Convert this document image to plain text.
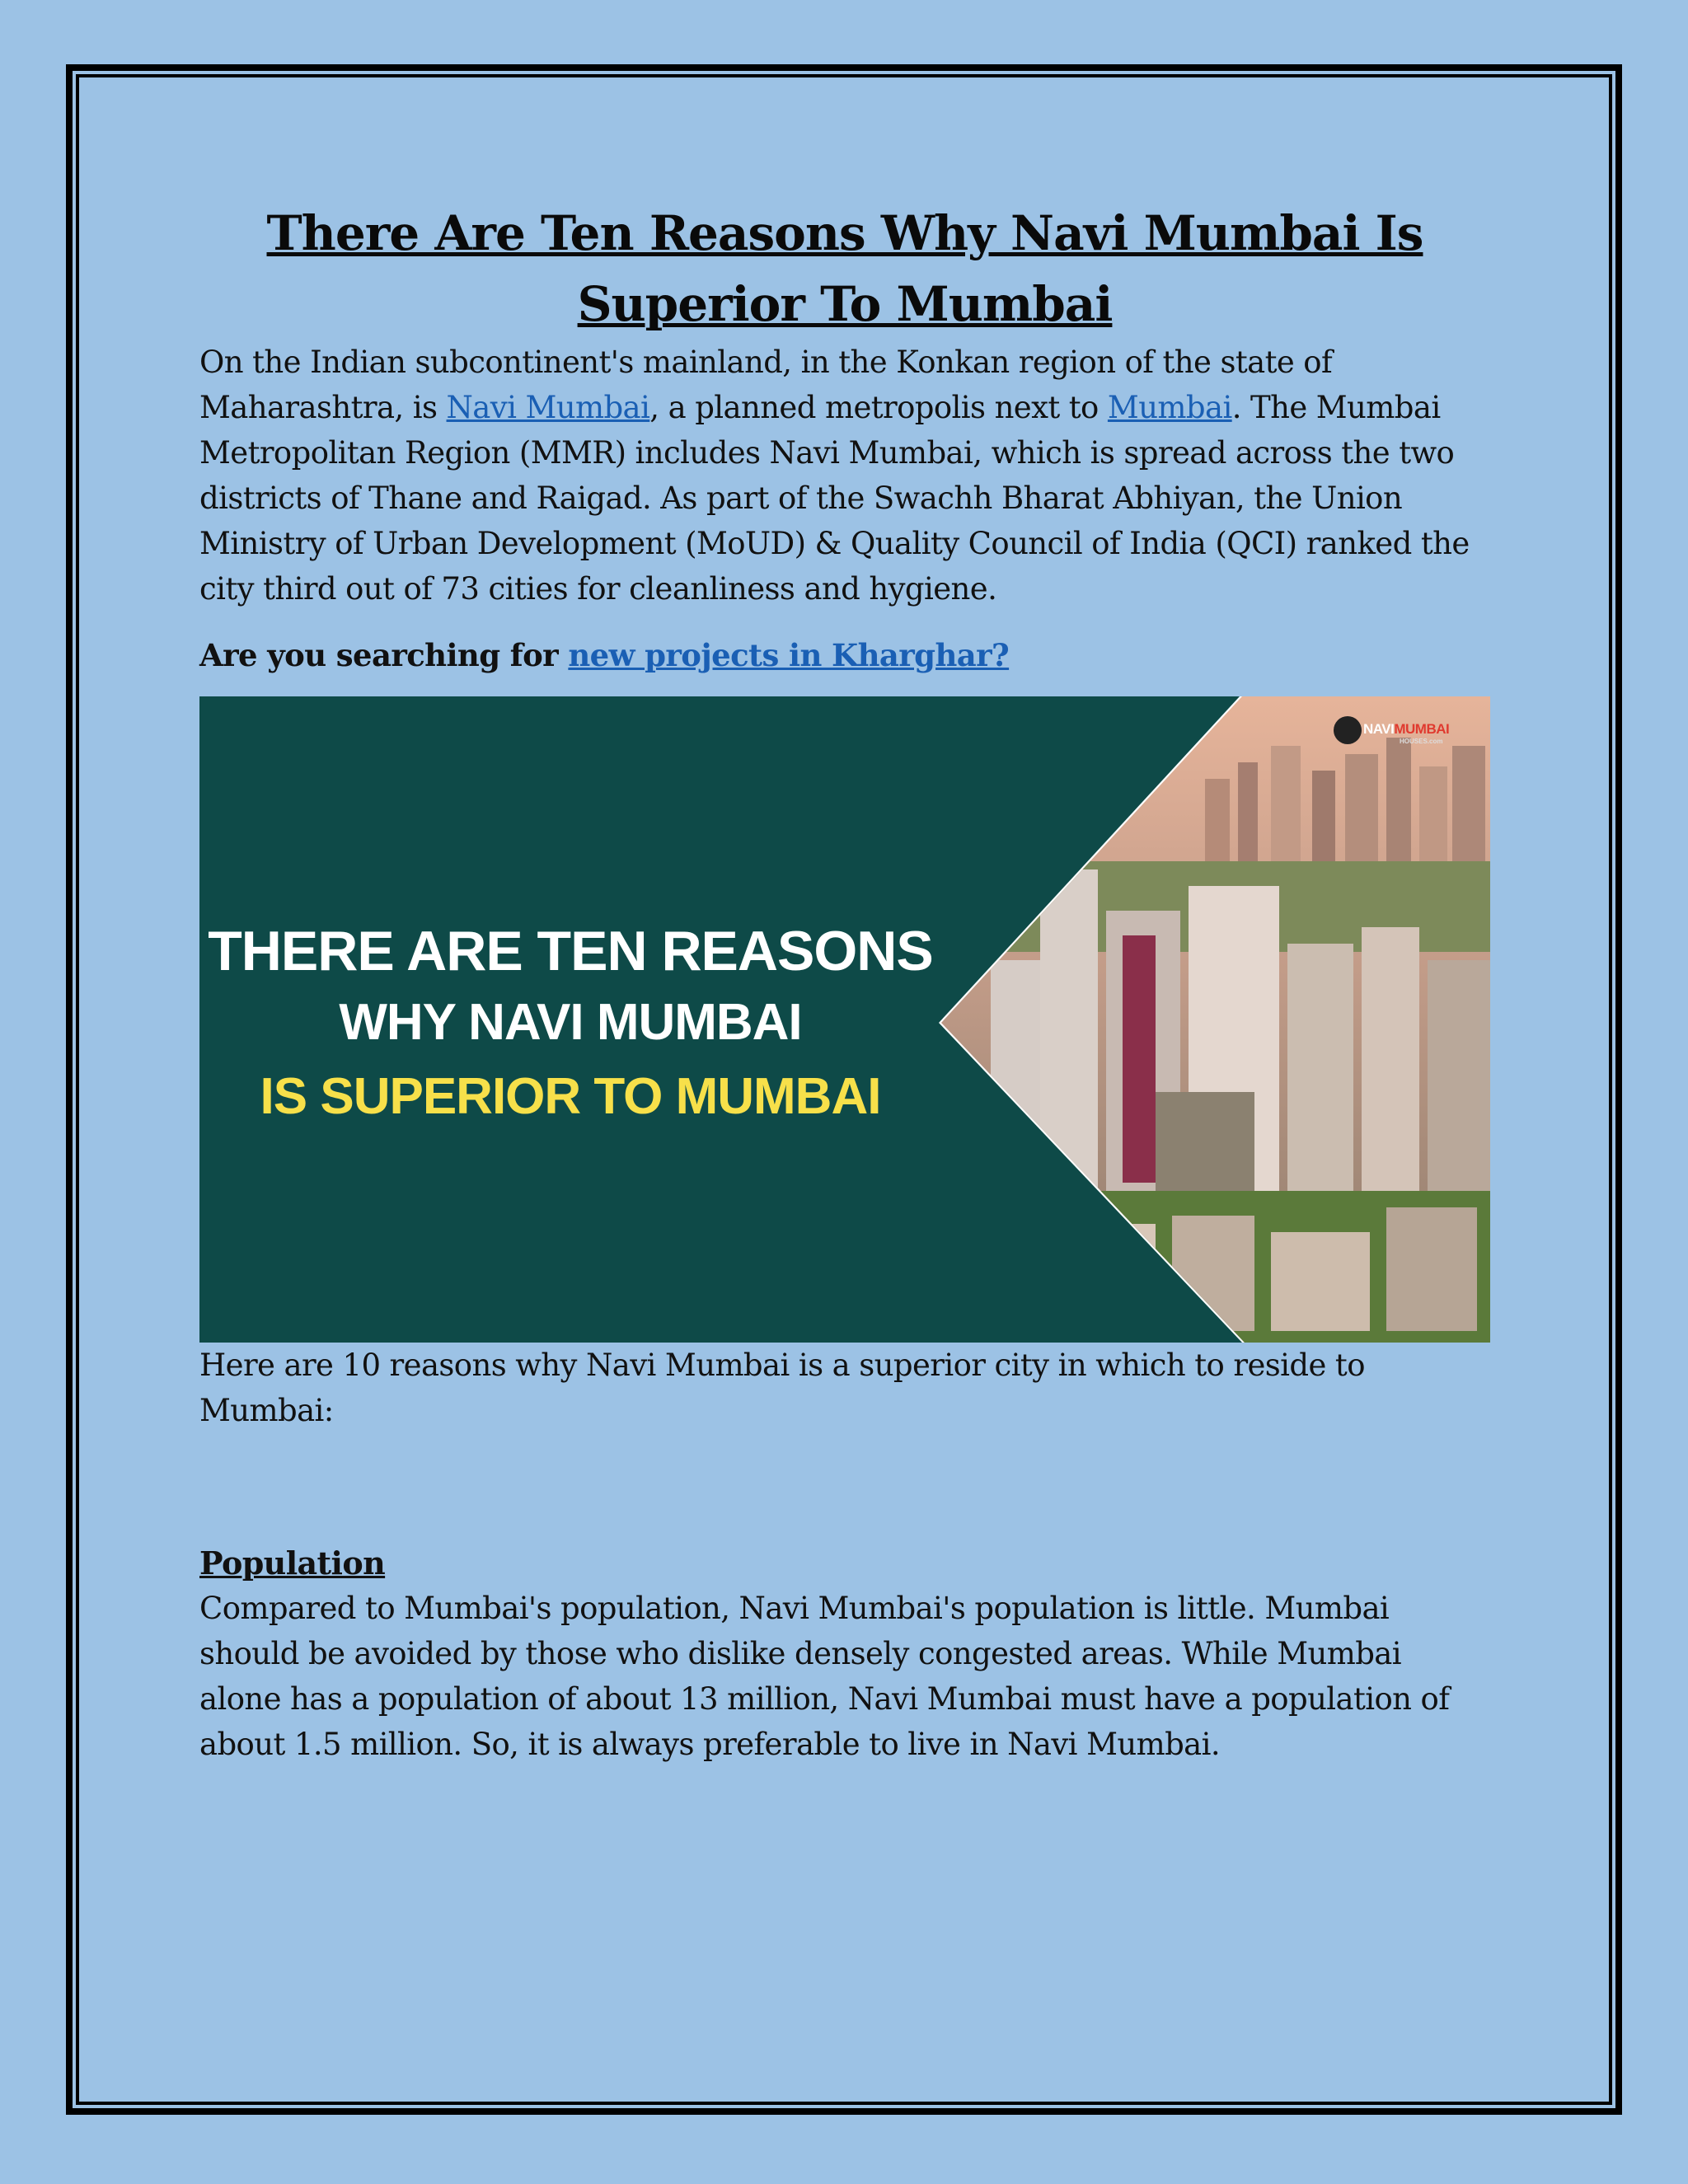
There Are Ten Reasons Why Navi Mumbai Is Superior To Mumbai

On the Indian subcontinent's mainland, in the Konkan region of the state of Maharashtra, is Navi Mumbai, a planned metropolis next to Mumbai. The Mumbai Metropolitan Region (MMR) includes Navi Mumbai, which is spread across the two districts of Thane and Raigad. As part of the Swachh Bharat Abhiyan, the Union Ministry of Urban Development (MoUD) & Quality Council of India (QCI) ranked the city third out of 73 cities for cleanliness and hygiene.

Are you searching for new projects in Kharghar?
THERE ARE TEN REASONS
WHY NAVI MUMBAI
IS SUPERIOR TO MUMBAI
NAVIMUMBAI
HOUSES.com

Here are 10 reasons why Navi Mumbai is a superior city in which to reside to Mumbai:

Population

Compared to Mumbai's population, Navi Mumbai's population is little. Mumbai should be avoided by those who dislike densely congested areas. While Mumbai alone has a population of about 13 million, Navi Mumbai must have a population of about 1.5 million. So, it is always preferable to live in Navi Mumbai.
